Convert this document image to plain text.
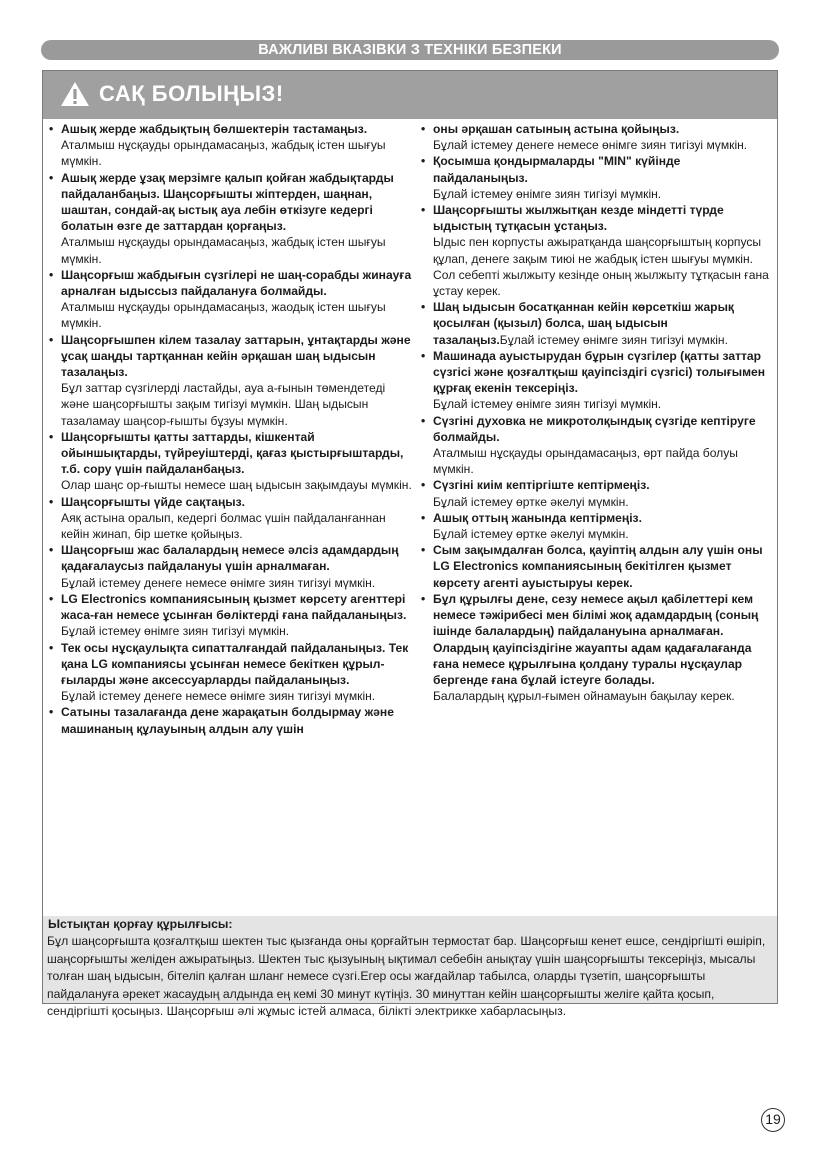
ВАЖЛИВІ ВКАЗІВКИ З ТЕХНІКИ БЕЗПЕКИ
САҚ БОЛЫҢЫЗ!
• Ашық жерде жабдықтың бөлшектерін тастамаңыз.
Аталмыш нұсқауды орындамасаңыз, жабдық істен шығуы мүмкін.
• Ашық жерде ұзақ мерзімге қалып қойған жабдықтарды пайдаланбаңыз. Шаңсорғышты жіптерден, шаңнан, шаштан, сондай-ақ ыстық ауа лебін өткізуге кедергі болатын өзге де заттардан қорғаңыз.
Аталмыш нұсқауды орындамасаңыз, жабдық істен шығуы мүмкін.
• Шаңсорғыш жабдығын сүзгілері не шаң-сорабды жинауға арналған ыдыссыз пайдалануға болмайды.
Аталмыш нұсқауды орындамасаңыз, жаодық істен шығуы мүмкін.
• Шаңсорғышпен кілем тазалау заттарын, ұнтақтарды және ұсақ шаңды тартқаннан кейін әрқашан шаң ыдысын тазалаңыз.
Бұл заттар сүзгілерді ластайды, ауа а-ғынын төмендетеді және шаңсорғышты зақым тигізуі мүмкін. Шаң ыдысын тазаламау шаңсор-ғышты бұзуы мүмкін.
• Шаңсорғышты қатты заттарды, кішкентай ойыншықтарды, түйреуіштерді, қағаз қыстырғыштарды, т.б. сору үшін пайдаланбаңыз.
Олар шаңс ор-ғышты немесе шаң ыдысын зақымдауы мүмкін.
• Шаңсорғышты үйде сақтаңыз.
Аяқ астына оралып, кедергі болмас үшін пайдаланғаннан кейін жинап, бір шетке қойыңыз.
• Шаңсорғыш жас балалардың немесе әлсіз адамдардың қадағалаусыз пайдалануы үшін арналмаған.
Бұлай істемеу денеге немесе өнімге зиян тигізуі мүмкін.
• LG Electronics компаниясының қызмет көрсету агенттері жаса-ған немесе ұсынған бөліктерді ғана пайдаланыңыз.
Бұлай істемеу өнімге зиян тигізуі мүмкін.
• Тек осы нұсқаулықта сипатталғандай пайдаланыңыз. Тек қана LG компаниясы ұсынған немесе бекіткен құрыл-ғыларды және аксессуарларды пайдаланыңыз.
Бұлай істемеу денеге немесе өнімге зиян тигізуі мүмкін.
• Сатыны тазалағанда дене жарақатын болдырмау және машинаның құлауының алдын алу үшін
• оны әрқашан сатының астына қойыңыз.
Бұлай істемеу денеге немесе өнімге зиян тигізуі мүмкін.
• Қосымша қондырмаларды "MIN" күйінде пайдаланыңыз.
Бұлай істемеу өнімге зиян тигізуі мүмкін.
• Шаңсорғышты жылжытқан кезде міндетті түрде ыдыстың тұтқасын ұстаңыз.
Ыдыс пен корпусты ажыратқанда шаңсорғыштың корпусы құлап, денеге зақым тиюі не жабдық істен шығуы мүмкін. Сол себепті жылжыту кезінде оның жылжыту тұтқасын ғана ұстау керек.
• Шаң ыдысын босатқаннан кейін көрсеткіш жарық қосылған (қызыл) болса, шаң ыдысын тазалаңыз.Бұлай істемеу өнімге зиян тигізуі мүмкін.
• Машинада ауыстырудан бұрын сүзгілер (қатты заттар сүзгісі және қозғалтқыш қауіпсіздігі сүзгісі) толығымен құрғақ екенін тексеріңіз.
Бұлай істемеу өнімге зиян тигізуі мүмкін.
• Сүзгіні духовка не микротолқындық сүзгіде кептіруге болмайды.
Аталмыш нұсқауды орындамасаңыз, өрт пайда болуы мүмкін.
• Сүзгіні киім кептіргіште кептірмеңіз.
Бұлай істемеу өртке әкелуі мүмкін.
• Ашық оттың жанында кептірмеңіз.
Бұлай істемеу өртке әкелуі мүмкін.
• Сым зақымдалған болса, қауіптің алдын алу үшін оны LG Electronics компаниясының бекітілген қызмет көрсету агенті ауыстыруы керек.
• Бұл құрылғы дене, сезу немесе ақыл қабілеттері кем немесе тәжірибесі мен білімі жоқ адамдардың (соның ішінде балалардың) пайдалануына арналмаған. Олардың қауіпсіздігіне жауапты адам қадағалағанда ғана немесе құрылғына қолдану туралы нұсқаулар бергенде ғана бұлай істеуге болады.
Балалардың құрыл-ғымен ойнамауын бақылау керек.
Ыстықтан қорғау құрылғысы:
Бұл шаңсорғышта қозғалтқыш шектен тыс қызғанда оны қорғайтын термостат бар. Шаңсорғыш кенет ешсе, сендіргішті өшіріп, шаңсорғышты желіден ажыратыңыз. Шектен тыс қызуының ықтимал себебін анықтау үшін шаңсорғышты тексеріңіз, мысалы толған шаң ыдысын, бітеліп қалған шланг немесе сүзгі.Егер осы жағдайлар табылса, оларды түзетіп, шаңсорғышты пайдалануға әрекет жасаудың алдында ең кемі 30 минут күтіңіз. 30 минуттан кейін шаңсорғышты желіге қайта қосып, сендіргішті қосыңыз. Шаңсорғыш әлі жұмыс істей алмаса, білікті электрикке хабарласыңыз.
19
